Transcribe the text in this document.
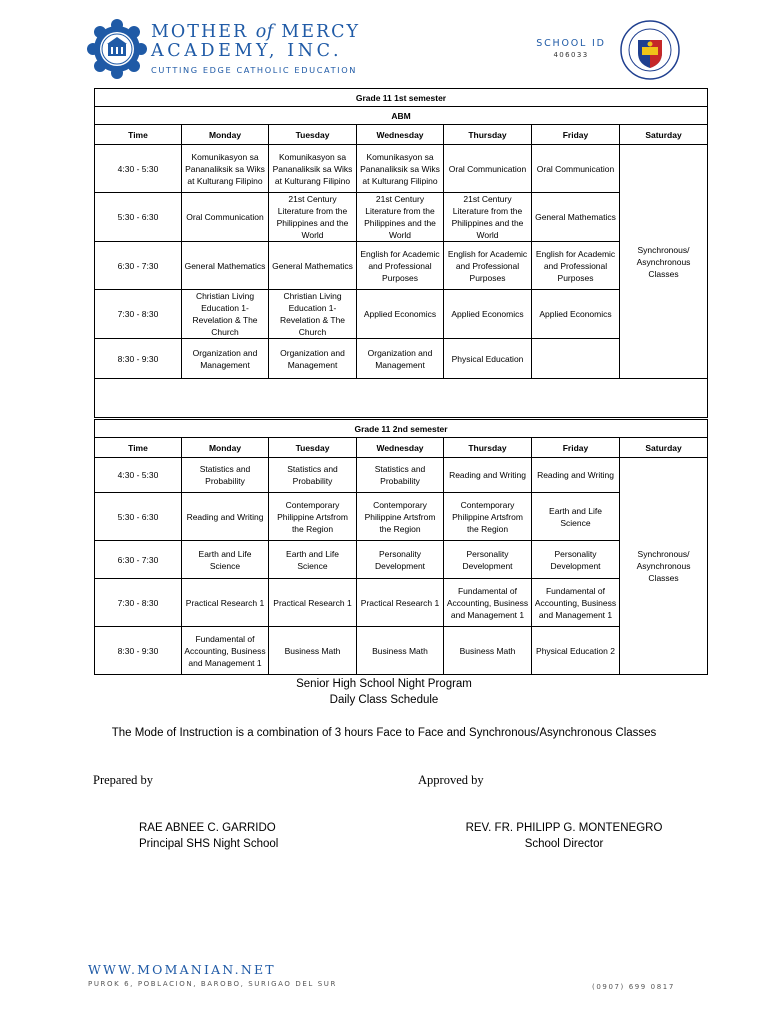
MOTHER of MERCY
ACADEMY, INC.
CUTTING EDGE CATHOLIC EDUCATION
SCHOOL ID
406033
Grade 11 1st semester						
ABM						
Time	Monday	Tuesday	Wednesday	Thursday	Friday	Saturday
4:30 - 5:30	Komunikasyon sa Pananaliksik sa Wiks at Kulturang Filipino	Komunikasyon sa Pananaliksik sa Wiks at Kulturang Filipino	Komunikasyon sa Pananaliksik sa Wiks at Kulturang Filipino	Oral Communication	Oral Communication	Synchronous/ Asynchronous Classes
5:30 - 6:30	Oral Communication	21st Century Literature from the Philippines and the World	21st Century Literature from the Philippines and the World	21st Century Literature from the Philippines and the World	General Mathematics	
6:30 - 7:30	General Mathematics	General Mathematics	English for Academic and Professional Purposes	English for Academic and Professional Purposes	English for Academic and Professional Purposes	
7:30 - 8:30	Christian Living Education 1- Revelation & The Church	Christian Living Education 1- Revelation & The Church	Applied Economics	Applied Economics	Applied Economics	
8:30 - 9:30	Organization and Management	Organization and Management	Organization and Management	Physical Education		

Grade 11 2nd semester						
Time	Monday	Tuesday	Wednesday	Thursday	Friday	Saturday
4:30 - 5:30	Statistics and Probability	Statistics and Probability	Statistics and Probability	Reading and Writing	Reading and Writing	Synchronous/ Asynchronous Classes
5:30 - 6:30	Reading and Writing	Contemporary Philippine Artsfrom the Region	Contemporary Philippine Artsfrom the Region	Contemporary Philippine Artsfrom the Region	Earth and Life Science	
6:30 - 7:30	Earth and Life Science	Earth and Life Science	Personality Development	Personality Development	Personality Development	
7:30 - 8:30	Practical Research 1	Practical Research 1	Practical Research 1	Fundamental of Accounting, Business and Management 1	Fundamental of Accounting, Business and Management 1	
8:30 - 9:30	Fundamental of Accounting, Business and Management 1	Business Math	Business Math	Business Math	Physical Education 2	
Senior High School Night Program
Daily Class Schedule
The Mode of Instruction is a combination of 3 hours Face to Face and Synchronous/Asynchronous Classes
Prepared by	Approved by
RAE ABNEE C. GARRIDO
Principal SHS Night School
REV. FR. PHILIPP G. MONTENEGRO
School Director
WWW.MOMANIAN.NET
PUROK 6, POBLACION, BAROBO, SURIGAO DEL SUR	(0907) 699 0817
